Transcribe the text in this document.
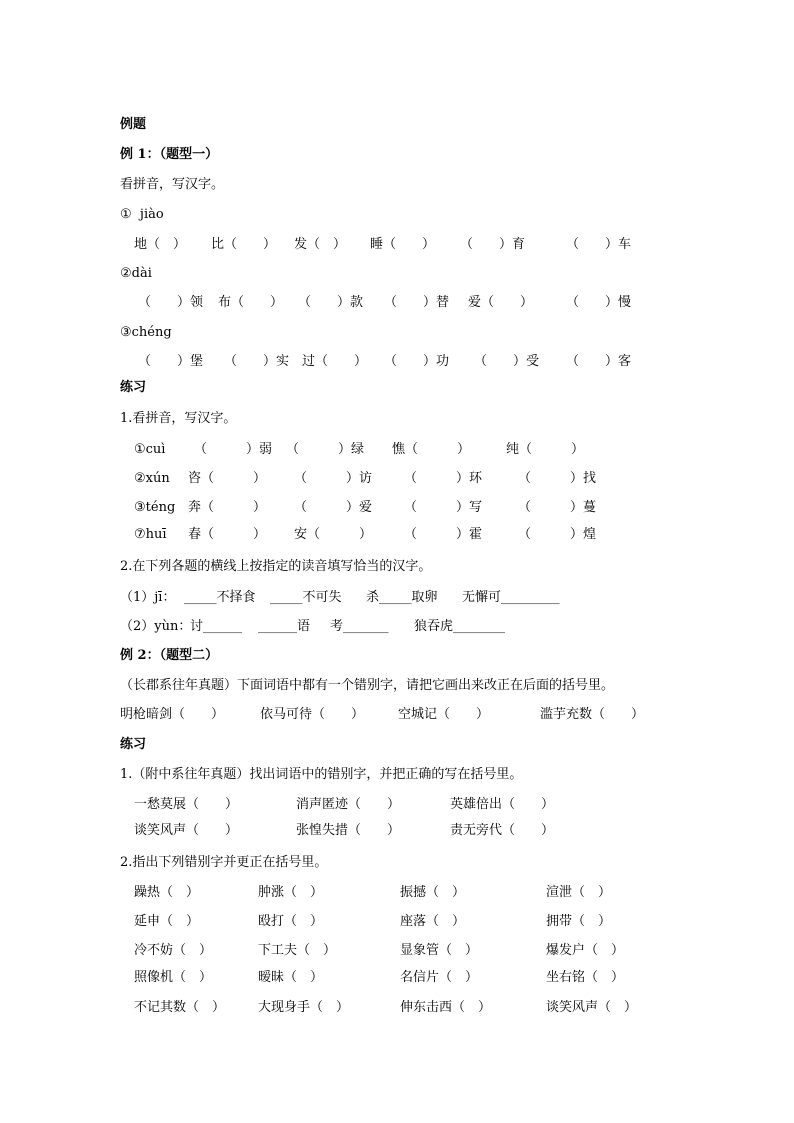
例题
例 1：（题型一）
看拼音，写汉字。
①  jiào
地（　） 比（　　） 发（　） 睡（　　） （　　）育	（　　）车
②dài
（　　）领 布（　　） （　　）款 （　　）替 爱（　　）	（　　）慢
③chéng
（　　）堡 （　　）实 过（　　） （　　）功 （　　）受 （　　）客
练习
1.看拼音，写汉字。
①cuì （　　　）弱 （　　　）绿 憔（　　　）	纯（　　　）
②xún 咨（　　　） （　　　）访 （　　　）环	（　　　）找
③téng 奔（　　　） （　　　）爱 （　　　）写	（　　　）蔓
⑦huī 春（　　　） 安（　　　） （　　　）霍	（　　　）煌
2.在下列各题的横线上按指定的读音填写恰当的汉字。
（1）jī： _____不择食 _____不可失 杀_____取卵 无懈可_________
（2）yùn：
讨______ ______语 考_______ 狼吞虎________
例 2：（题型二）
（长郡系往年真题）下面词语中都有一个错别字，请把它画出来改正在后面的括号里。
明枪暗剑（　　）	依马可待（　　）	空城记（　　）	滥芋充数（　　）
练习
1.（附中系往年真题）找出词语中的错别字，并把正确的写在括号里。
一愁莫展（　　）	消声匿迹（　　）	英雄倍出（　　）
谈笑风声（　　）	张惶失措（　　）	责无旁代（　　）
2.指出下列错别字并更正在括号里。
躁热（　）	肿涨（　）	振撼（　）	渲泄（　）
延申（　）	殴打（　）	座落（　）	拥带（　）
冷不妨（　）	下工夫（　）	显象管（　）	爆发户（　）
照像机（　）	暧昧（　）	名信片（　）	坐右铭（　）
不记其数（　）	大现身手（　）	伸东击西（　）	谈笑风声（　）
